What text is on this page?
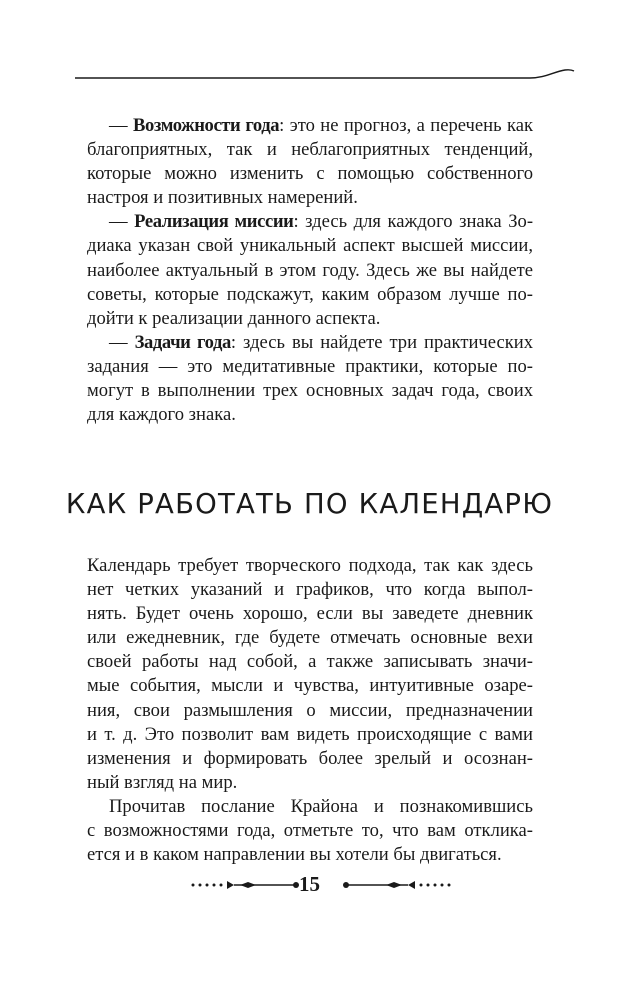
— Возможности года: это не прогноз, а перечень как
благоприятных, так и неблагоприятных тенденций,
которые можно изменить с помощью собственного
настроя и позитивных намерений.
— Реализация миссии: здесь для каждого знака Зо-
диака указан свой уникальный аспект высшей миссии,
наиболее актуальный в этом году. Здесь же вы найдете
советы, которые подскажут, каким образом лучше по-
дойти к реализации данного аспекта.
— Задачи года: здесь вы найдете три практических
задания — это медитативные практики, которые по-
могут в выполнении трех основных задач года, своих
для каждого знака.
КАК РАБОТАТЬ ПО КАЛЕНДАРЮ
Календарь требует творческого подхода, так как здесь
нет четких указаний и графиков, что когда выпол-
нять. Будет очень хорошо, если вы заведете дневник
или ежедневник, где будете отмечать основные вехи
своей работы над собой, а также записывать значи-
мые события, мысли и чувства, интуитивные озаре-
ния, свои размышления о миссии, предназначении
и т. д. Это позволит вам видеть происходящие с вами
изменения и формировать более зрелый и осознан-
ный взгляд на мир.
Прочитав послание Крайона и познакомившись
с возможностями года, отметьте то, что вам отклика-
ется и в каком направлении вы хотели бы двигаться.
15
